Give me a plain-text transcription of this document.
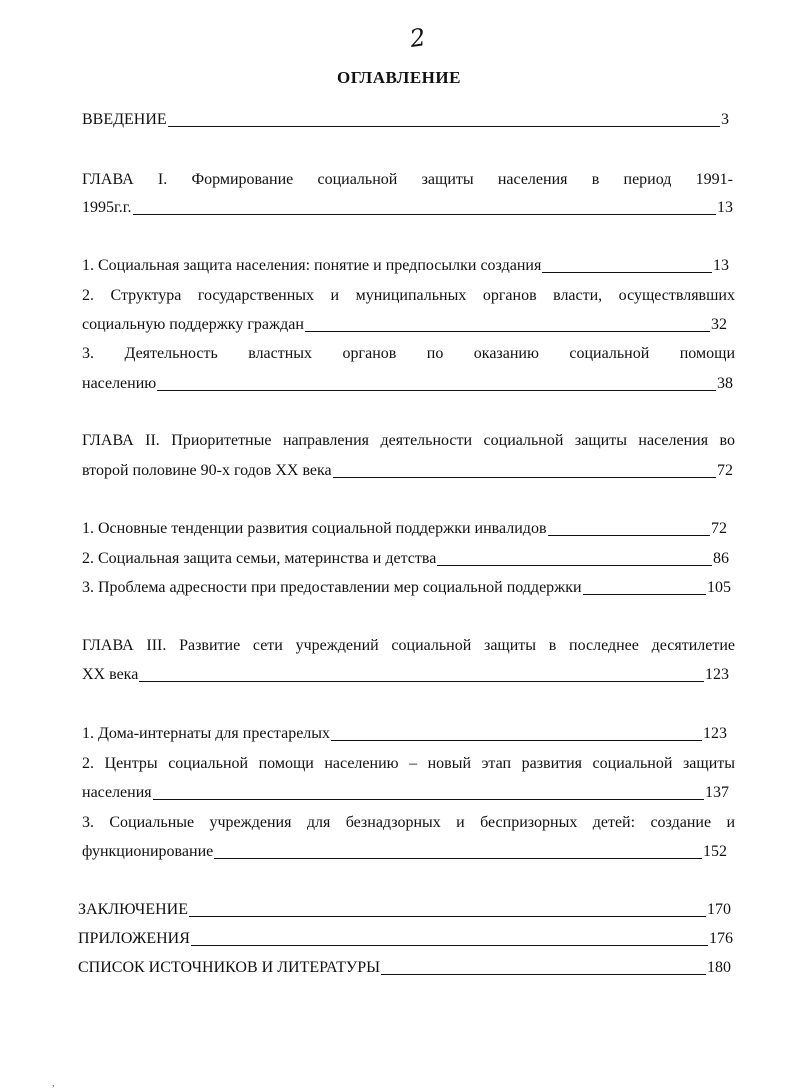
2
ОГЛАВЛЕНИЕ
ВВЕДЕНИЕ	3
ГЛАВА I. Формирование социальной защиты населения в период 1991-
1995г.г.	13
1. Социальная защита населения: понятие и предпосылки создания	13
2. Структура государственных и муниципальных органов власти, осуществлявших
социальную поддержку граждан	32
3. Деятельность властных органов по оказанию социальной помощи
населению	38
ГЛАВА II. Приоритетные направления деятельности социальной защиты населения во
второй половине 90-х годов XX века	72
1. Основные тенденции развития социальной поддержки инвалидов	72
2. Социальная защита семьи, материнства и детства	86
3. Проблема адресности при предоставлении мер социальной поддержки	105
ГЛАВА III. Развитие сети учреждений социальной защиты в последнее десятилетие
XX века	123
1. Дома-интернаты для престарелых	123
2. Центры социальной помощи населению – новый этап развития социальной защиты
населения	137
3. Социальные учреждения для безнадзорных и беспризорных детей: создание и
функционирование	152
ЗАКЛЮЧЕНИЕ	170
ПРИЛОЖЕНИЯ	176
СПИСОК ИСТОЧНИКОВ И ЛИТЕРАТУРЫ	180
,
